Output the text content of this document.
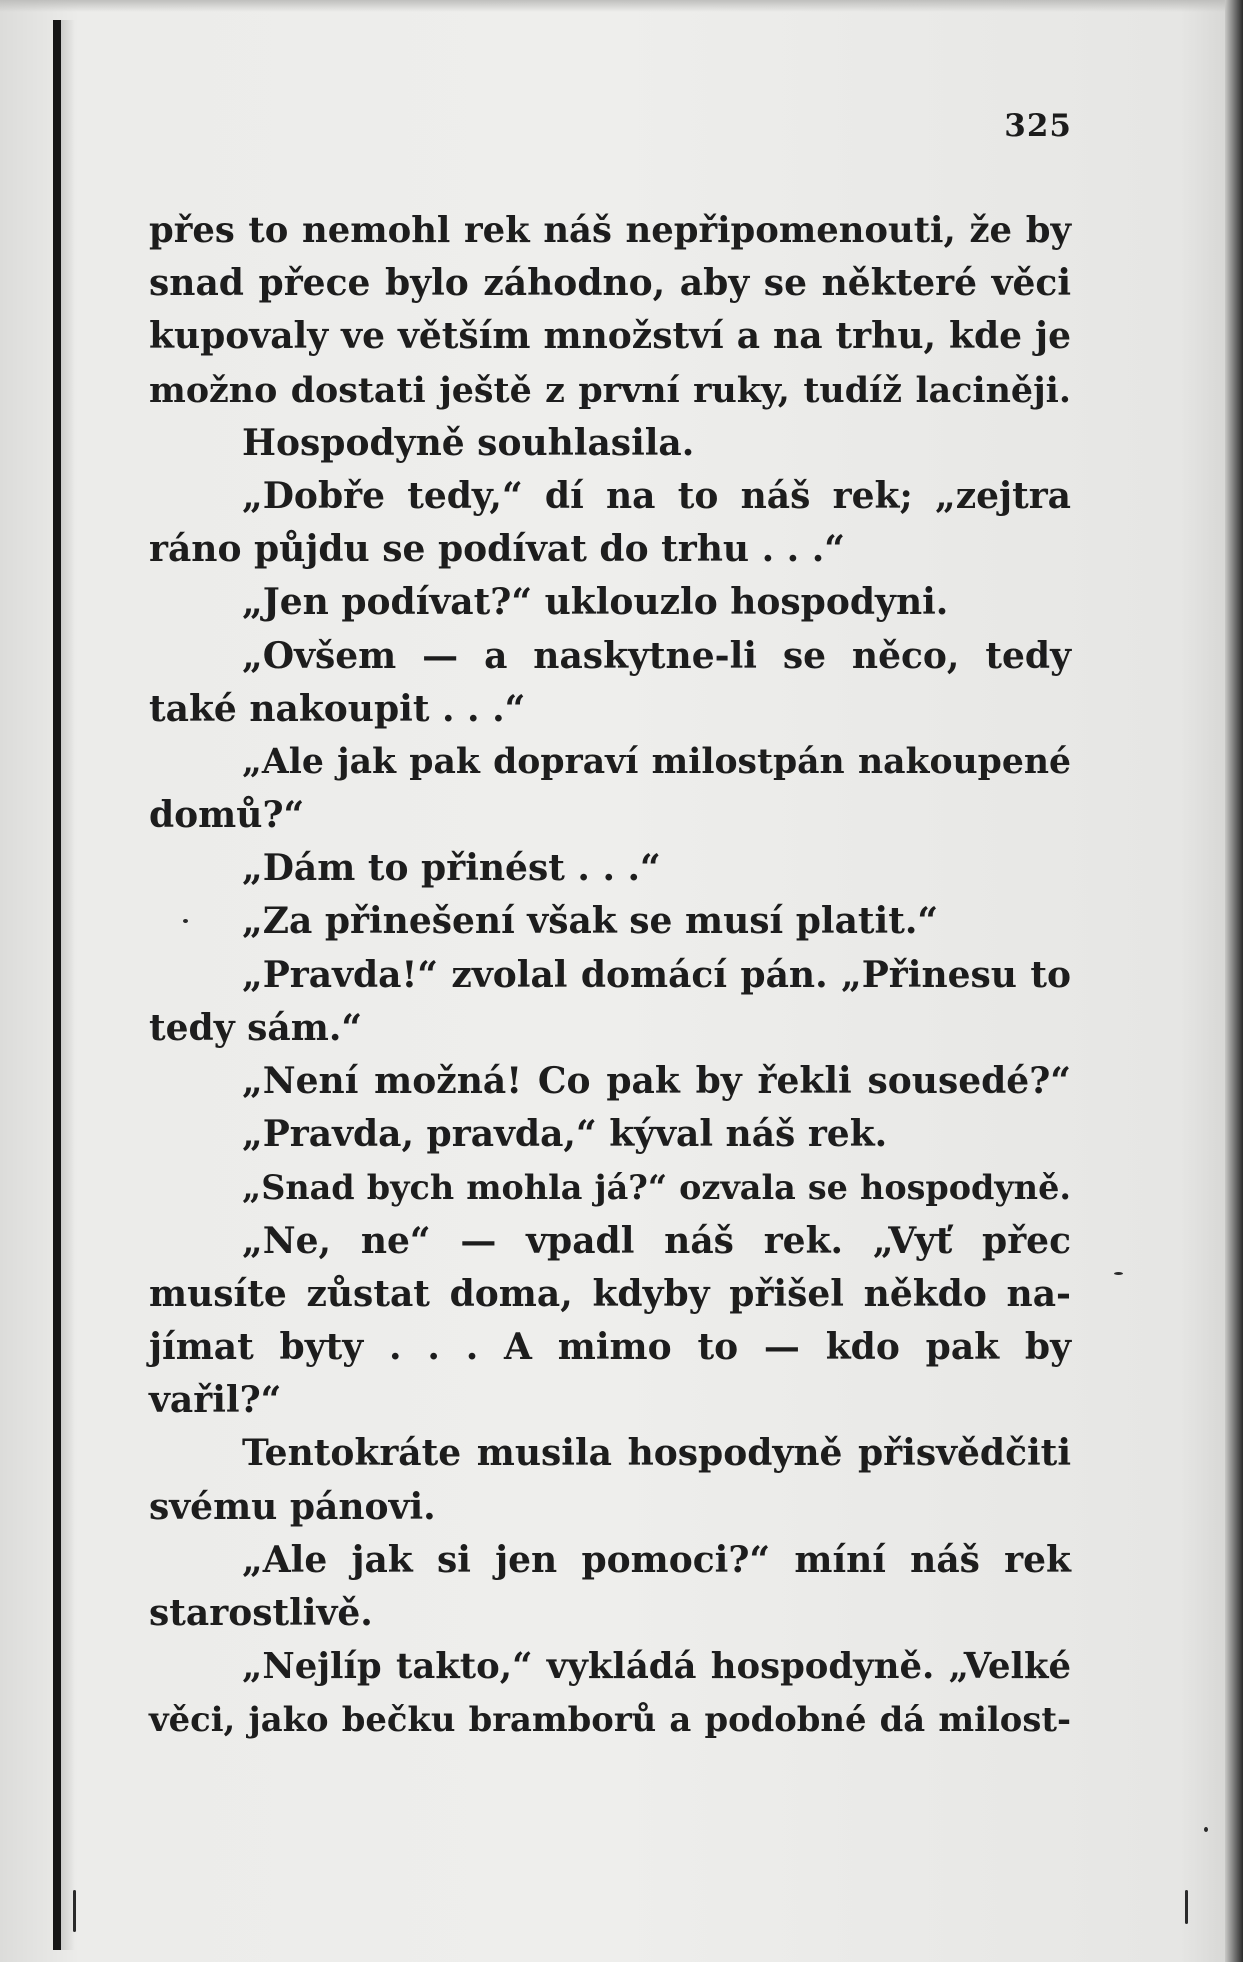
325
přes to nemohl rek náš nepřipomenouti, že by
snad přece bylo záhodno, aby se některé věci
kupovaly ve větším množství a na trhu, kde je
možno dostati ještě z první ruky, tudíž laciněji.
Hospodyně souhlasila.
„Dobře tedy,“ dí na to náš rek; „zejtra
ráno půjdu se podívat do trhu . . .“
„Jen podívat?“ uklouzlo hospodyni.
„Ovšem — a naskytne-li se něco, tedy
také nakoupit . . .“
„Ale jak pak dopraví milostpán nakoupené
domů?“
„Dám to přinést . . .“
„Za přinešení však se musí platit.“
„Pravda!“ zvolal domácí pán. „Přinesu to
tedy sám.“
„Není možná! Co pak by řekli sousedé?“
„Pravda, pravda,“ kýval náš rek.
„Snad bych mohla já?“ ozvala se hospodyně.
„Ne, ne“ — vpadl náš rek. „Vyť přec
musíte zůstat doma, kdyby přišel někdo na-
jímat byty . . . A mimo to — kdo pak by
vařil?“
Tentokráte musila hospodyně přisvědčiti
svému pánovi.
„Ale jak si jen pomoci?“ míní náš rek
starostlivě.
„Nejlíp takto,“ vykládá hospodyně. „Velké
věci, jako bečku bramborů a podobné dá milost-
